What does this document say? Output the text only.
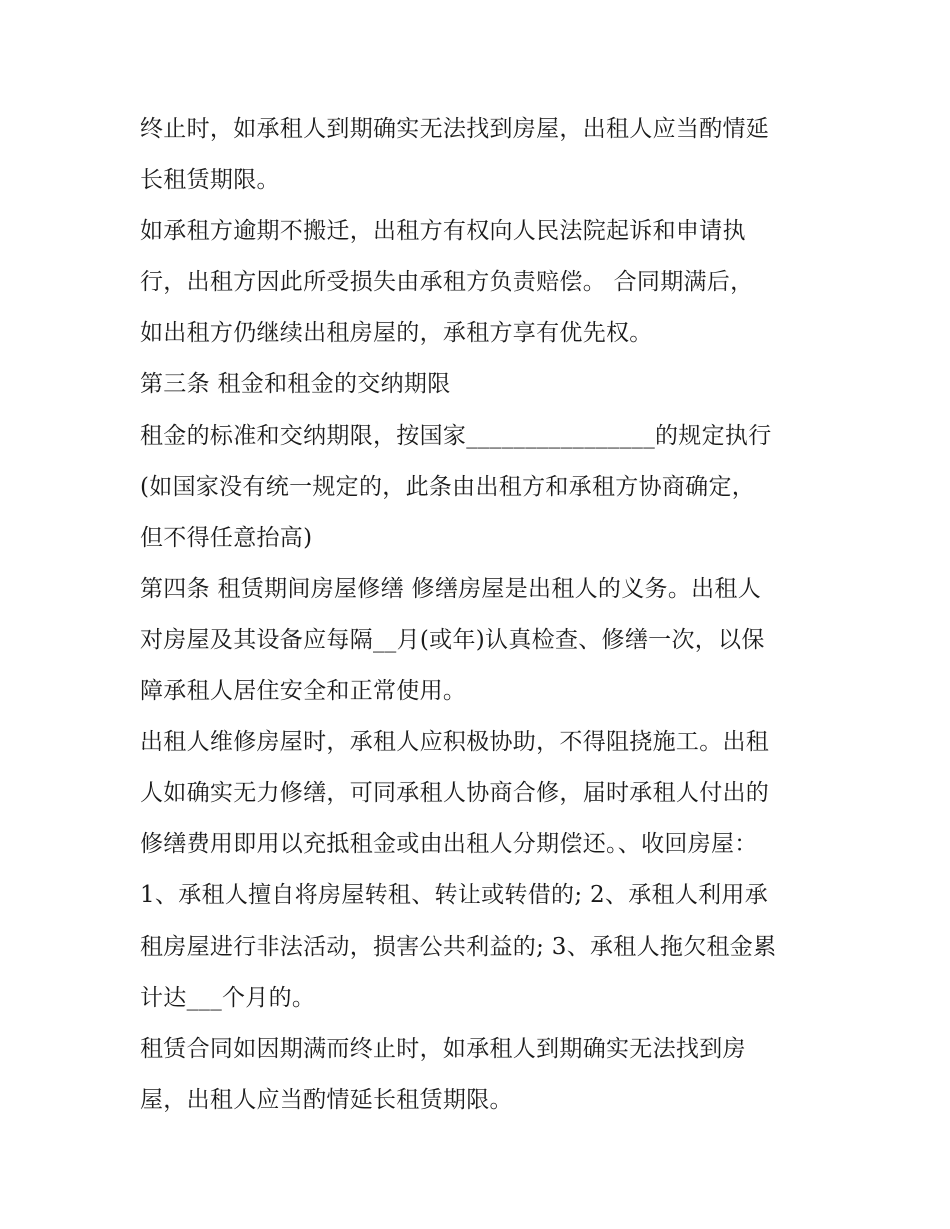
终止时，如承租人到期确实无法找到房屋，出租人应当酌情延
长租赁期限。
如承租方逾期不搬迁，出租方有权向人民法院起诉和申请执
行，出租方因此所受损失由承租方负责赔偿。 合同期满后，
如出租方仍继续出租房屋的，承租方享有优先权。
第三条 租金和租金的交纳期限
租金的标准和交纳期限，按国家________________的规定执行
(如国家没有统一规定的，此条由出租方和承租方协商确定，
但不得任意抬高)
第四条 租赁期间房屋修缮 修缮房屋是出租人的义务。出租人
对房屋及其设备应每隔__月(或年)认真检查、修缮一次，以保
障承租人居住安全和正常使用。
出租人维修房屋时，承租人应积极协助，不得阻挠施工。出租
人如确实无力修缮，可同承租人协商合修，届时承租人付出的
修缮费用即用以充抵租金或由出租人分期偿还。、收回房屋：
1、承租人擅自将房屋转租、转让或转借的; 2、承租人利用承
租房屋进行非法活动，损害公共利益的; 3、承租人拖欠租金累
计达___个月的。
租赁合同如因期满而终止时，如承租人到期确实无法找到房
屋，出租人应当酌情延长租赁期限。
